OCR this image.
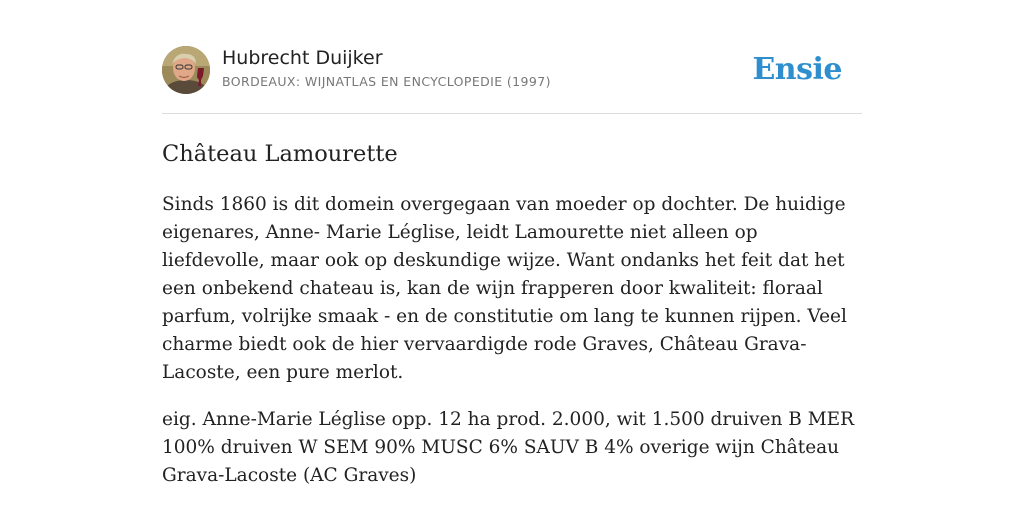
Hubrecht Duijker
BORDEAUX: WIJNATLAS EN ENCYCLOPEDIE (1997)	Ensie
Château Lamourette

Sinds 1860 is dit domein overgegaan van moeder op dochter. De huidige eigenares, Anne- Marie Léglise, leidt Lamourette niet alleen op liefdevolle, maar ook op deskundige wijze. Want ondanks het feit dat het een onbekend chateau is, kan de wijn frapperen door kwaliteit: floraal parfum, volrijke smaak - en de constitutie om lang te kunnen rijpen. Veel charme biedt ook de hier vervaardigde rode Graves, Château Grava- Lacoste, een pure merlot.

eig. Anne-Marie Léglise opp. 12 ha prod. 2.000, wit 1.500 druiven B MER 100% druiven W SEM 90% MUSC 6% SAUV B 4% overige wijn Château Grava-Lacoste (AC Graves)
